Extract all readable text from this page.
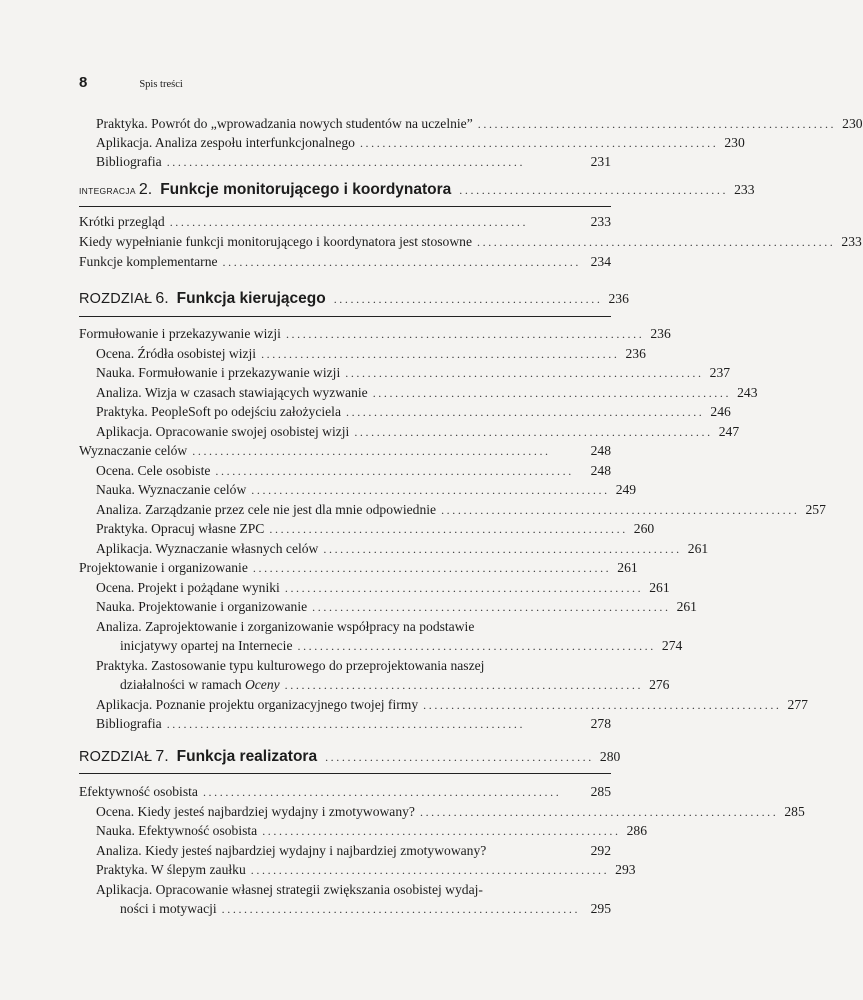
8	Spis treści
Praktyka. Powrót do „wprowadzania nowych studentów na uczelnie” ................................................................ 230
Aplikacja. Analiza zespołu interfunkcjonalnego ................................................................ 230
Bibliografia ................................................................	231
INTEGRACJA 2. Funkcje monitorującego i koordynatora ................................................ 233
Krótki przegląd ................................................................	233
Kiedy wypełnianie funkcji monitorującego i koordynatora jest stosowne ................................................................ 233
Funkcje komplementarne ................................................................ 234
ROZDZIAŁ 6. Funkcja kierującego ................................................ 236
Formułowanie i przekazywanie wizji ................................................................ 236
Ocena. Źródła osobistej wizji ................................................................ 236
Nauka. Formułowanie i przekazywanie wizji ................................................................ 237
Analiza. Wizja w czasach stawiających wyzwanie ................................................................ 243
Praktyka. PeopleSoft po odejściu założyciela ................................................................ 246
Aplikacja. Opracowanie swojej osobistej wizji ................................................................ 247
Wyznaczanie celów ................................................................	248
Ocena. Cele osobiste ................................................................	248
Nauka. Wyznaczanie celów ................................................................ 249
Analiza. Zarządzanie przez cele nie jest dla mnie odpowiednie ................................................................ 257
Praktyka. Opracuj własne ZPC ................................................................ 260
Aplikacja. Wyznaczanie własnych celów ................................................................ 261
Projektowanie i organizowanie ................................................................ 261
Ocena. Projekt i pożądane wyniki ................................................................ 261
Nauka. Projektowanie i organizowanie ................................................................ 261
Analiza. Zaprojektowanie i zorganizowanie współpracy na podstawie
inicjatywy opartej na Internecie ................................................................ 274
Praktyka. Zastosowanie typu kulturowego do przeprojektowania naszej
działalności w ramach Oceny ................................................................ 276
Aplikacja. Poznanie projektu organizacyjnego twojej firmy ................................................................ 277
Bibliografia ................................................................	278
ROZDZIAŁ 7. Funkcja realizatora ................................................ 280
Efektywność osobista ................................................................	285
Ocena. Kiedy jesteś najbardziej wydajny i zmotywowany? ................................................................ 285
Nauka. Efektywność osobista ................................................................ 286
Analiza. Kiedy jesteś najbardziej wydajny i najbardziej zmotywowany?	292
Praktyka. W ślepym zaułku ................................................................ 293
Aplikacja. Opracowanie własnej strategii zwiększania osobistej wydaj-
ności i motywacji ................................................................ 295
